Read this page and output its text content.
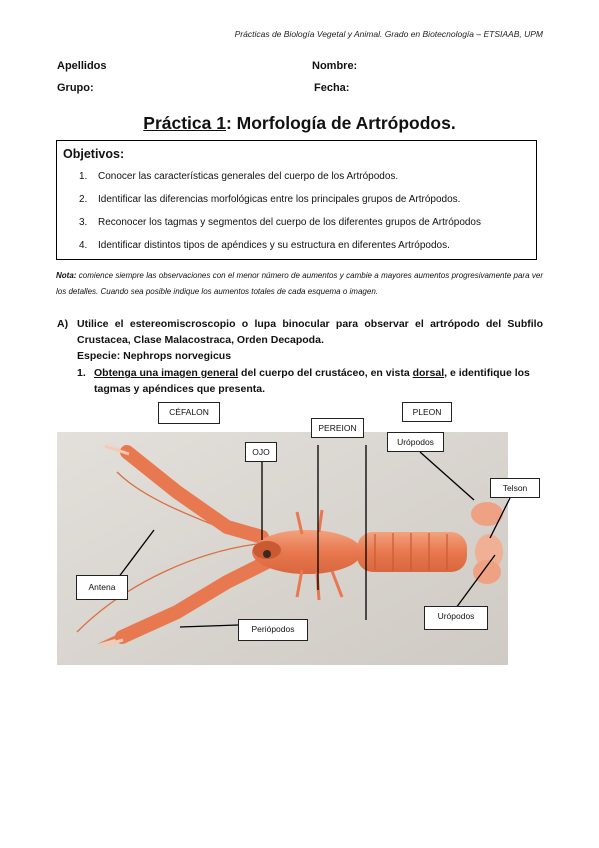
Prácticas de Biología Vegetal y Animal. Grado en Biotecnología – ETSIAAB, UPM
Apellidos	Nombre:
Grupo:	Fecha:
Práctica 1: Morfología de Artrópodos.
Objetivos:
1. Conocer las características generales del cuerpo de los Artrópodos.
2. Identificar las diferencias morfológicas entre los principales grupos de Artrópodos.
3. Reconocer los tagmas y segmentos del cuerpo de los diferentes grupos de Artrópodos
4. Identificar distintos tipos de apéndices y su estructura en diferentes Artrópodos.
Nota: comience siempre las observaciones con el menor número de aumentos y cambie a mayores aumentos progresivamente para ver los detalles. Cuando sea posible indique los aumentos totales de cada esquema o imagen.
A) Utilice el estereomiscroscopio o lupa binocular para observar el artrópodo del Subfilo
Crustacea, Clase Malacostraca, Orden Decapoda.
Especie: Nephrops norvegicus
1. Obtenga una imagen general del cuerpo del crustáceo, en vista dorsal, e identifique los
tagmas y apéndices que presenta.
CÉFALON
PEREION
PLEON
OJO
Urópodos
Telson
Antena
Periópodos
Urópodos
